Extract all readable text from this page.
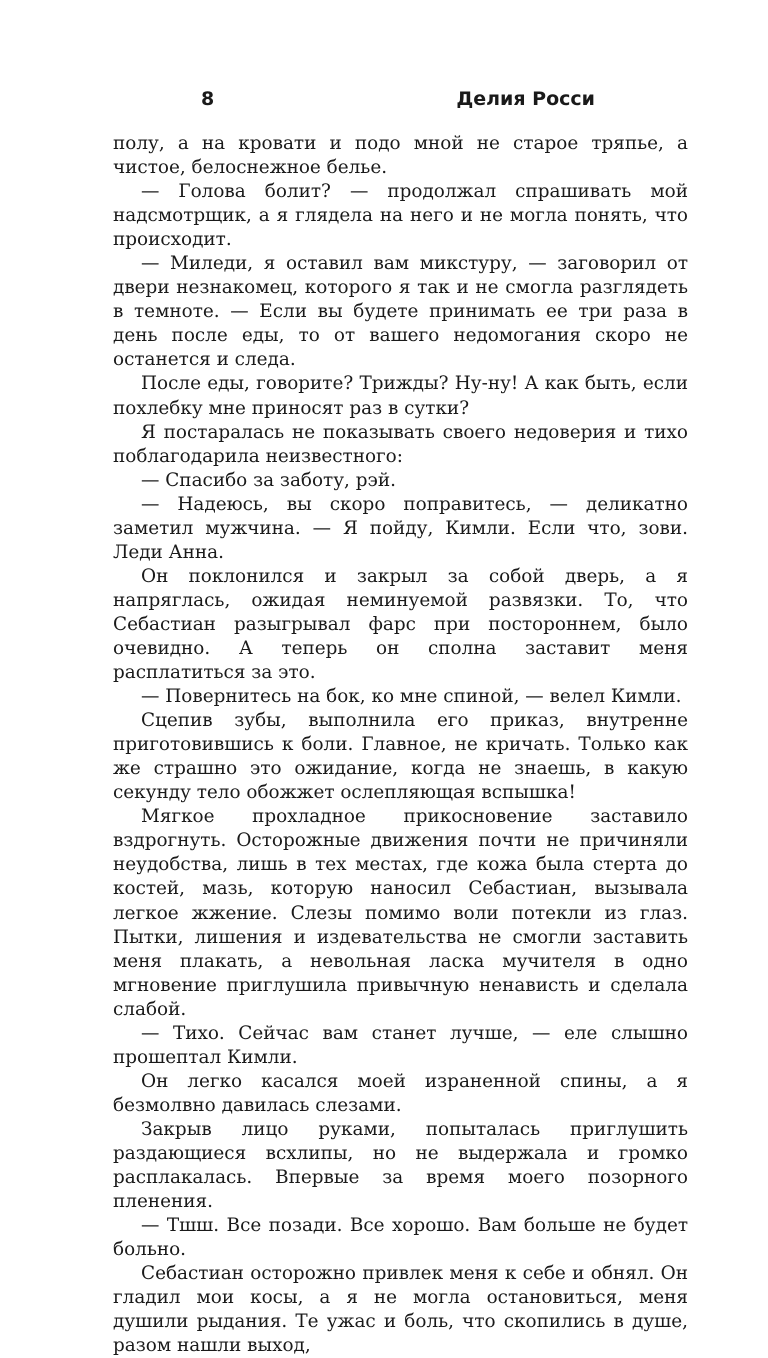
8	Делия Росси

полу, а на кровати и подо мной не старое тряпье, а чистое, белоснежное белье.

— Голова болит? — продолжал спрашивать мой надсмотрщик, а я глядела на него и не могла понять, что происходит.

— Миледи, я оставил вам микстуру, — заговорил от двери незнакомец, которого я так и не смогла разглядеть в темноте. — Если вы будете принимать ее три раза в день после еды, то от вашего недомогания скоро не останется и следа.

После еды, говорите? Трижды? Ну-ну! А как быть, если похлебку мне приносят раз в сутки?

Я постаралась не показывать своего недоверия и тихо поблагодарила неизвестного:

— Спасибо за заботу, рэй.

— Надеюсь, вы скоро поправитесь, — деликатно заметил мужчина. — Я пойду, Кимли. Если что, зови. Леди Анна.

Он поклонился и закрыл за собой дверь, а я напряглась, ожидая неминуемой развязки. То, что Себастиан разыгрывал фарс при постороннем, было очевидно. А теперь он сполна заставит меня расплатиться за это.

— Повернитесь на бок, ко мне спиной, — велел Кимли.

Сцепив зубы, выполнила его приказ, внутренне приготовившись к боли. Главное, не кричать. Только как же страшно это ожидание, когда не знаешь, в какую секунду тело обожжет ослепляющая вспышка!

Мягкое прохладное прикосновение заставило вздрогнуть. Осторожные движения почти не причиняли неудобства, лишь в тех местах, где кожа была стерта до костей, мазь, которую наносил Себастиан, вызывала легкое жжение. Слезы помимо воли потекли из глаз. Пытки, лишения и издевательства не смогли заставить меня плакать, а невольная ласка мучителя в одно мгновение приглушила привычную ненависть и сделала слабой.

— Тихо. Сейчас вам станет лучше, — еле слышно прошептал Кимли.

Он легко касался моей израненной спины, а я безмолвно давилась слезами.

Закрыв лицо руками, попыталась приглушить раздающиеся всхлипы, но не выдержала и громко расплакалась. Впервые за время моего позорного пленения.

— Тшш. Все позади. Все хорошо. Вам больше не будет больно.

Себастиан осторожно привлек меня к себе и обнял. Он гладил мои косы, а я не могла остановиться, меня душили рыдания. Те ужас и боль, что скопились в душе, разом нашли выход,
